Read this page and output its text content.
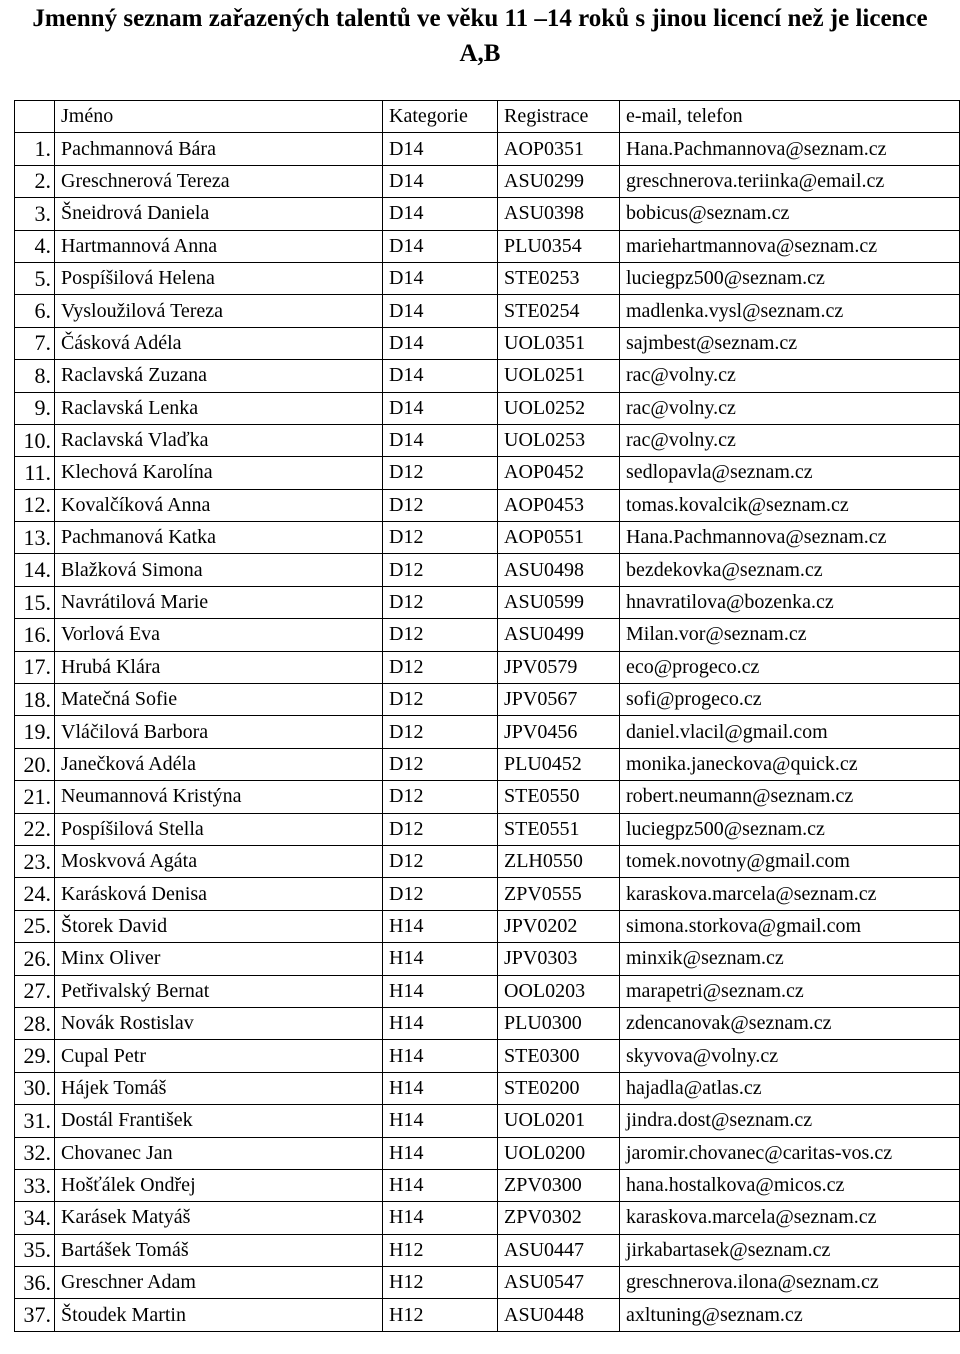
Jmenný seznam zařazených talentů ve věku 11 –14 roků s jinou licencí než je licence A,B
	Jméno	Kategorie	Registrace	e-mail, telefon
1.	Pachmannová Bára	D14	AOP0351	Hana.Pachmannova@seznam.cz
2.	Greschnerová Tereza	D14	ASU0299	greschnerova.teriinka@email.cz
3.	Šneidrová Daniela	D14	ASU0398	bobicus@seznam.cz
4.	Hartmannová Anna	D14	PLU0354	mariehartmannova@seznam.cz
5.	Pospíšilová Helena	D14	STE0253	luciegpz500@seznam.cz
6.	Vysloužilová Tereza	D14	STE0254	madlenka.vysl@seznam.cz
7.	Čásková Adéla	D14	UOL0351	sajmbest@seznam.cz
8.	Raclavská Zuzana	D14	UOL0251	rac@volny.cz
9.	Raclavská Lenka	D14	UOL0252	rac@volny.cz
10.	Raclavská Vlaďka	D14	UOL0253	rac@volny.cz
11.	Klechová Karolína	D12	AOP0452	sedlopavla@seznam.cz
12.	Kovalčíková Anna	D12	AOP0453	tomas.kovalcik@seznam.cz
13.	Pachmanová Katka	D12	AOP0551	Hana.Pachmannova@seznam.cz
14.	Blažková Simona	D12	ASU0498	bezdekovka@seznam.cz
15.	Navrátilová Marie	D12	ASU0599	hnavratilova@bozenka.cz
16.	Vorlová Eva	D12	ASU0499	Milan.vor@seznam.cz
17.	Hrubá Klára	D12	JPV0579	eco@progeco.cz
18.	Matečná Sofie	D12	JPV0567	sofi@progeco.cz
19.	Vláčilová Barbora	D12	JPV0456	daniel.vlacil@gmail.com
20.	Janečková Adéla	D12	PLU0452	monika.janeckova@quick.cz
21.	Neumannová Kristýna	D12	STE0550	robert.neumann@seznam.cz
22.	Pospíšilová Stella	D12	STE0551	luciegpz500@seznam.cz
23.	Moskvová Agáta	D12	ZLH0550	tomek.novotny@gmail.com
24.	Karásková Denisa	D12	ZPV0555	karaskova.marcela@seznam.cz
25.	Štorek David	H14	JPV0202	simona.storkova@gmail.com
26.	Minx Oliver	H14	JPV0303	minxik@seznam.cz
27.	Petřivalský Bernat	H14	OOL0203	marapetri@seznam.cz
28.	Novák Rostislav	H14	PLU0300	zdencanovak@seznam.cz
29.	Cupal Petr	H14	STE0300	skyvova@volny.cz
30.	Hájek Tomáš	H14	STE0200	hajadla@atlas.cz
31.	Dostál František	H14	UOL0201	jindra.dost@seznam.cz
32.	Chovanec Jan	H14	UOL0200	jaromir.chovanec@caritas-vos.cz
33.	Hošťálek Ondřej	H14	ZPV0300	hana.hostalkova@micos.cz
34.	Karásek Matyáš	H14	ZPV0302	karaskova.marcela@seznam.cz
35.	Bartášek Tomáš	H12	ASU0447	jirkabartasek@seznam.cz
36.	Greschner Adam	H12	ASU0547	greschnerova.ilona@seznam.cz
37.	Štoudek Martin	H12	ASU0448	axltuning@seznam.cz
